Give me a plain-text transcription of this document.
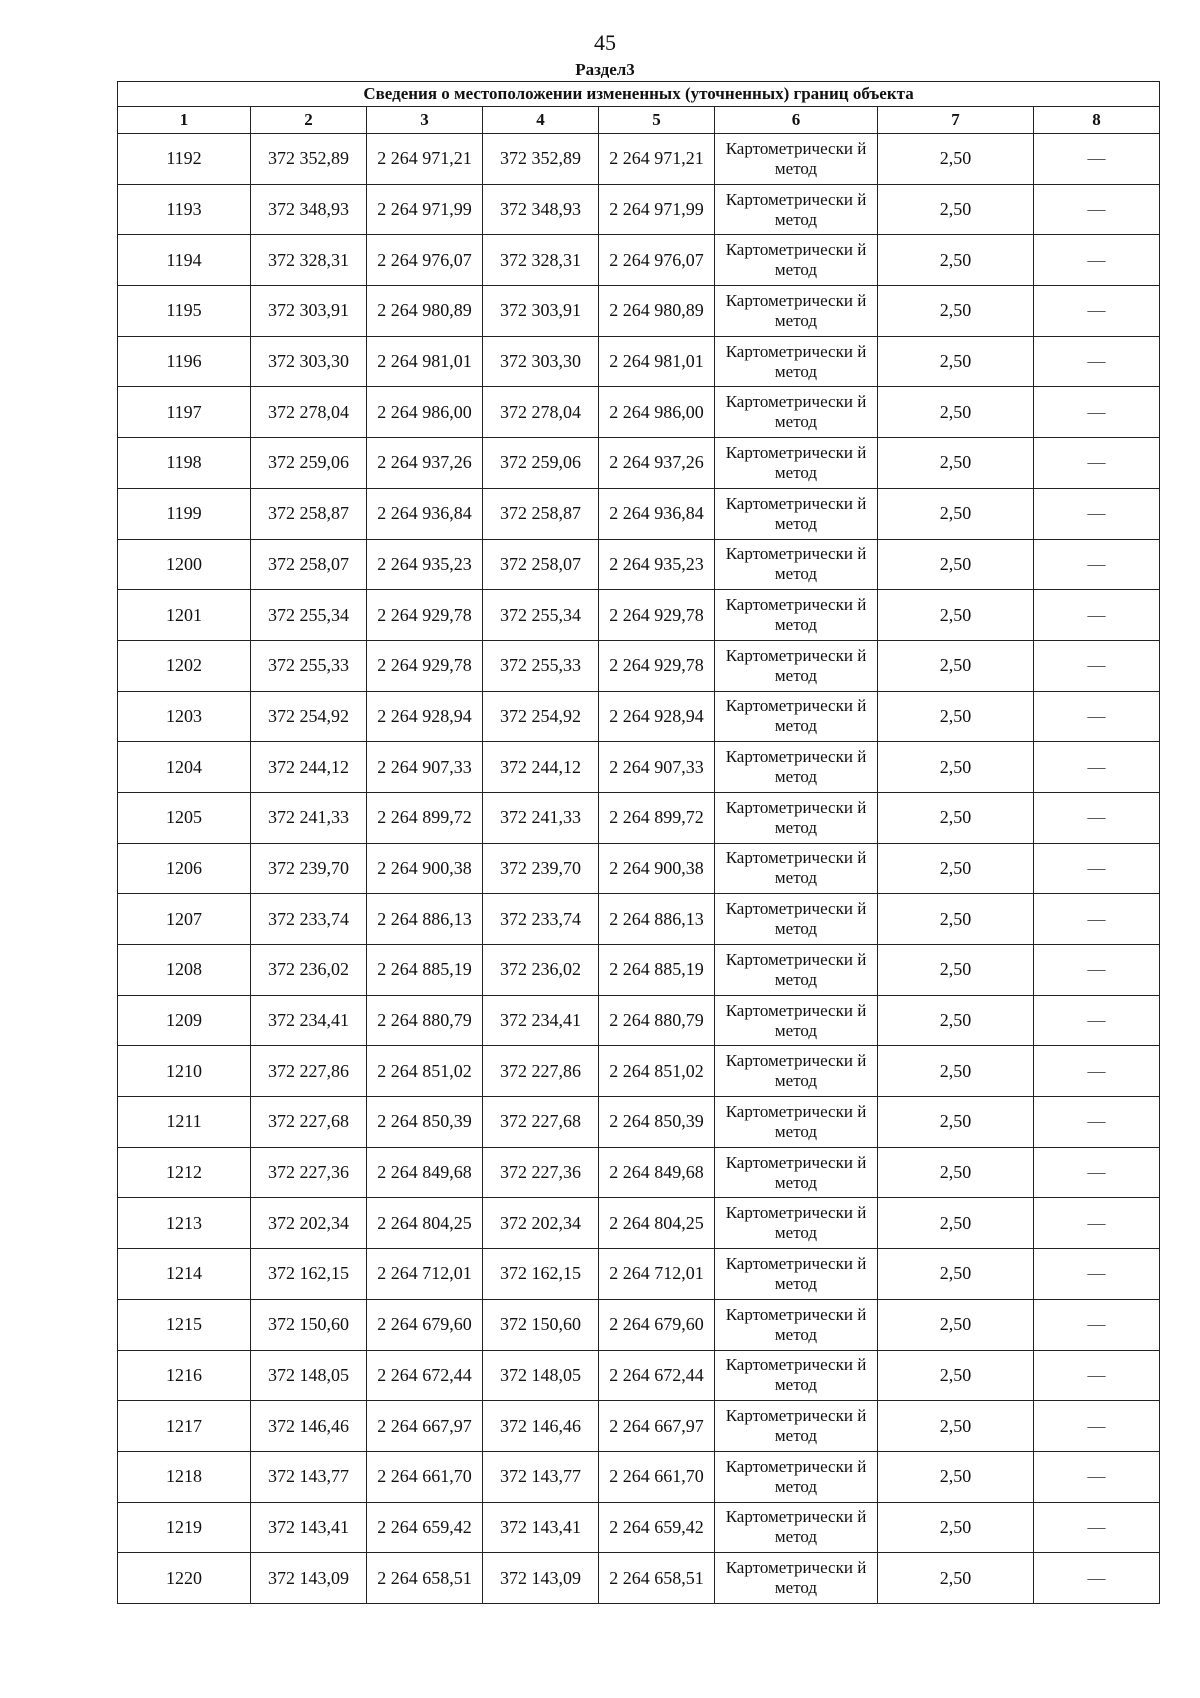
45
Раздел3
Сведения о местоположении измененных (уточненных) границ объекта							
1	2	3	4	5	6	7	8
1192	372 352,89	2 264 971,21	372 352,89	2 264 971,21	Картометрически й метод	2,50	—
1193	372 348,93	2 264 971,99	372 348,93	2 264 971,99	Картометрически й метод	2,50	—
1194	372 328,31	2 264 976,07	372 328,31	2 264 976,07	Картометрически й метод	2,50	—
1195	372 303,91	2 264 980,89	372 303,91	2 264 980,89	Картометрически й метод	2,50	—
1196	372 303,30	2 264 981,01	372 303,30	2 264 981,01	Картометрически й метод	2,50	—
1197	372 278,04	2 264 986,00	372 278,04	2 264 986,00	Картометрически й метод	2,50	—
1198	372 259,06	2 264 937,26	372 259,06	2 264 937,26	Картометрически й метод	2,50	—
1199	372 258,87	2 264 936,84	372 258,87	2 264 936,84	Картометрически й метод	2,50	—
1200	372 258,07	2 264 935,23	372 258,07	2 264 935,23	Картометрически й метод	2,50	—
1201	372 255,34	2 264 929,78	372 255,34	2 264 929,78	Картометрически й метод	2,50	—
1202	372 255,33	2 264 929,78	372 255,33	2 264 929,78	Картометрически й метод	2,50	—
1203	372 254,92	2 264 928,94	372 254,92	2 264 928,94	Картометрически й метод	2,50	—
1204	372 244,12	2 264 907,33	372 244,12	2 264 907,33	Картометрически й метод	2,50	—
1205	372 241,33	2 264 899,72	372 241,33	2 264 899,72	Картометрически й метод	2,50	—
1206	372 239,70	2 264 900,38	372 239,70	2 264 900,38	Картометрически й метод	2,50	—
1207	372 233,74	2 264 886,13	372 233,74	2 264 886,13	Картометрически й метод	2,50	—
1208	372 236,02	2 264 885,19	372 236,02	2 264 885,19	Картометрически й метод	2,50	—
1209	372 234,41	2 264 880,79	372 234,41	2 264 880,79	Картометрически й метод	2,50	—
1210	372 227,86	2 264 851,02	372 227,86	2 264 851,02	Картометрически й метод	2,50	—
1211	372 227,68	2 264 850,39	372 227,68	2 264 850,39	Картометрически й метод	2,50	—
1212	372 227,36	2 264 849,68	372 227,36	2 264 849,68	Картометрически й метод	2,50	—
1213	372 202,34	2 264 804,25	372 202,34	2 264 804,25	Картометрически й метод	2,50	—
1214	372 162,15	2 264 712,01	372 162,15	2 264 712,01	Картометрически й метод	2,50	—
1215	372 150,60	2 264 679,60	372 150,60	2 264 679,60	Картометрически й метод	2,50	—
1216	372 148,05	2 264 672,44	372 148,05	2 264 672,44	Картометрически й метод	2,50	—
1217	372 146,46	2 264 667,97	372 146,46	2 264 667,97	Картометрически й метод	2,50	—
1218	372 143,77	2 264 661,70	372 143,77	2 264 661,70	Картометрически й метод	2,50	—
1219	372 143,41	2 264 659,42	372 143,41	2 264 659,42	Картометрически й метод	2,50	—
1220	372 143,09	2 264 658,51	372 143,09	2 264 658,51	Картометрически й метод	2,50	—
